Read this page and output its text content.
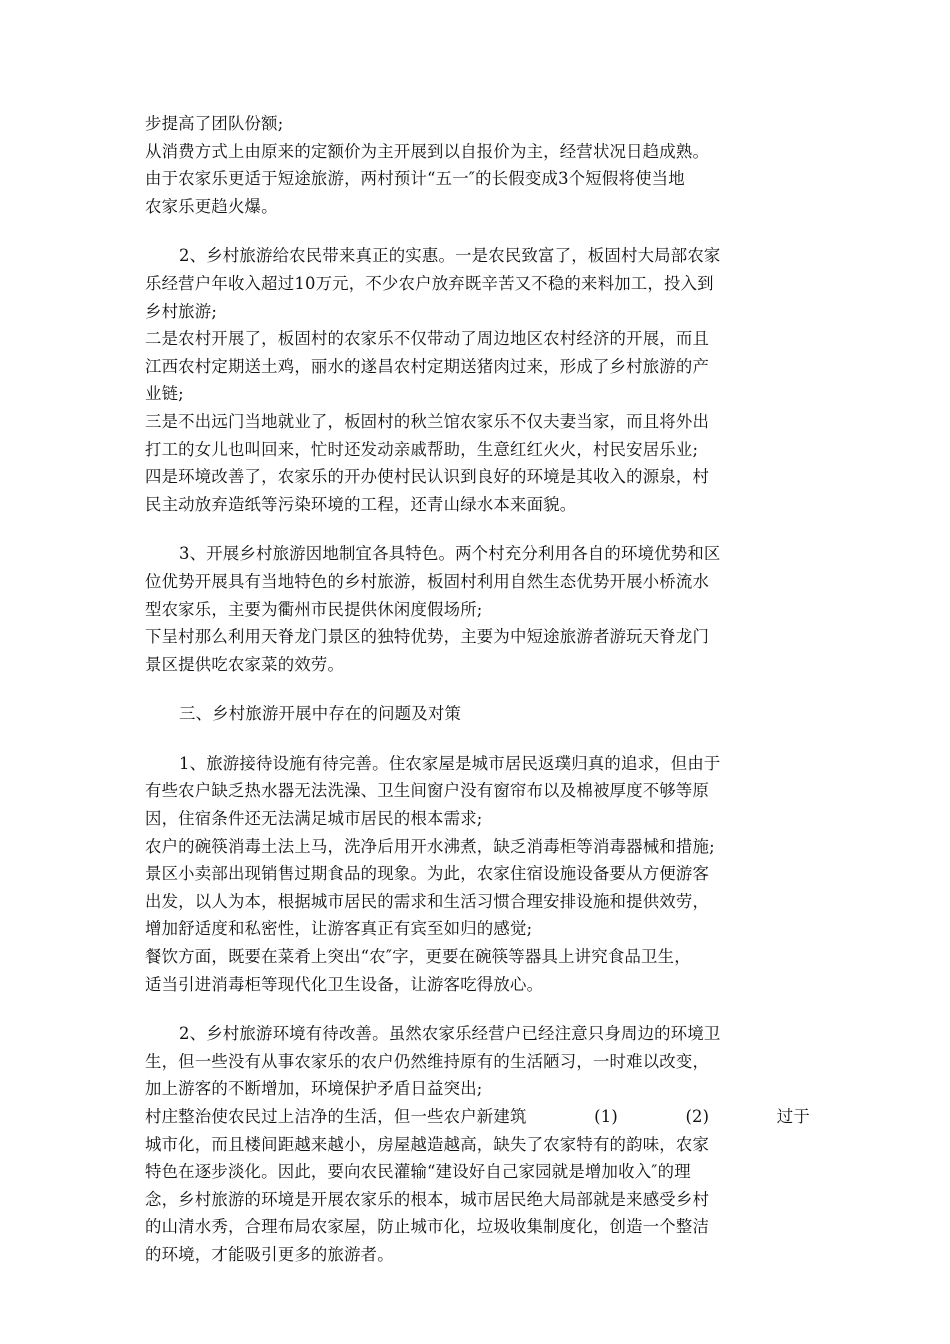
步提高了团队份额;
从消费方式上由原来的定额价为主开展到以自报价为主，经营状况日趋成熟。
由于农家乐更适于短途旅游，两村预计“五一″的长假变成3个短假将使当地
农家乐更趋火爆。
2、乡村旅游给农民带来真正的实惠。一是农民致富了，板固村大局部农家
乐经营户年收入超过10万元，不少农户放弃既辛苦又不稳的来料加工，投入到
乡村旅游;
二是农村开展了，板固村的农家乐不仅带动了周边地区农村经济的开展，而且
江西农村定期送土鸡，丽水的遂昌农村定期送猪肉过来，形成了乡村旅游的产
业链;
三是不出远门当地就业了，板固村的秋兰馆农家乐不仅夫妻当家，而且将外出
打工的女儿也叫回来，忙时还发动亲戚帮助，生意红红火火，村民安居乐业;
四是环境改善了，农家乐的开办使村民认识到良好的环境是其收入的源泉，村
民主动放弃造纸等污染环境的工程，还青山绿水本来面貌。
3、开展乡村旅游因地制宜各具特色。两个村充分利用各自的环境优势和区
位优势开展具有当地特色的乡村旅游，板固村利用自然生态优势开展小桥流水
型农家乐，主要为衢州市民提供休闲度假场所;
下呈村那么利用天脊龙门景区的独特优势，主要为中短途旅游者游玩天脊龙门
景区提供吃农家菜的效劳。
三、乡村旅游开展中存在的问题及对策
1、旅游接待设施有待完善。住农家屋是城市居民返璞归真的追求，但由于
有些农户缺乏热水器无法洗澡、卫生间窗户没有窗帘布以及棉被厚度不够等原
因，住宿条件还无法满足城市居民的根本需求;
农户的碗筷消毒土法上马，洗净后用开水沸煮，缺乏消毒柜等消毒器械和措施;
景区小卖部出现销售过期食品的现象。为此，农家住宿设施设备要从方便游客
出发，以人为本，根据城市居民的需求和生活习惯合理安排设施和提供效劳，
增加舒适度和私密性，让游客真正有宾至如归的感觉;
餐饮方面，既要在菜肴上突出“农″字，更要在碗筷等器具上讲究食品卫生，
适当引进消毒柜等现代化卫生设备，让游客吃得放心。
2、乡村旅游环境有待改善。虽然农家乐经营户已经注意只身周边的环境卫
生，但一些没有从事农家乐的农户仍然维持原有的生活陋习，一时难以改变，
加上游客的不断增加，环境保护矛盾日益突出;
村庄整治使农民过上洁净的生活，但一些农户新建筑	(1)	(2)	过于
城市化，而且楼间距越来越小，房屋越造越高，缺失了农家特有的韵味，农家
特色在逐步淡化。因此，要向农民灌输“建设好自己家园就是增加收入″的理
念，乡村旅游的环境是开展农家乐的根本，城市居民绝大局部就是来感受乡村
的山清水秀，合理布局农家屋，防止城市化，垃圾收集制度化，创造一个整洁
的环境，才能吸引更多的旅游者。
